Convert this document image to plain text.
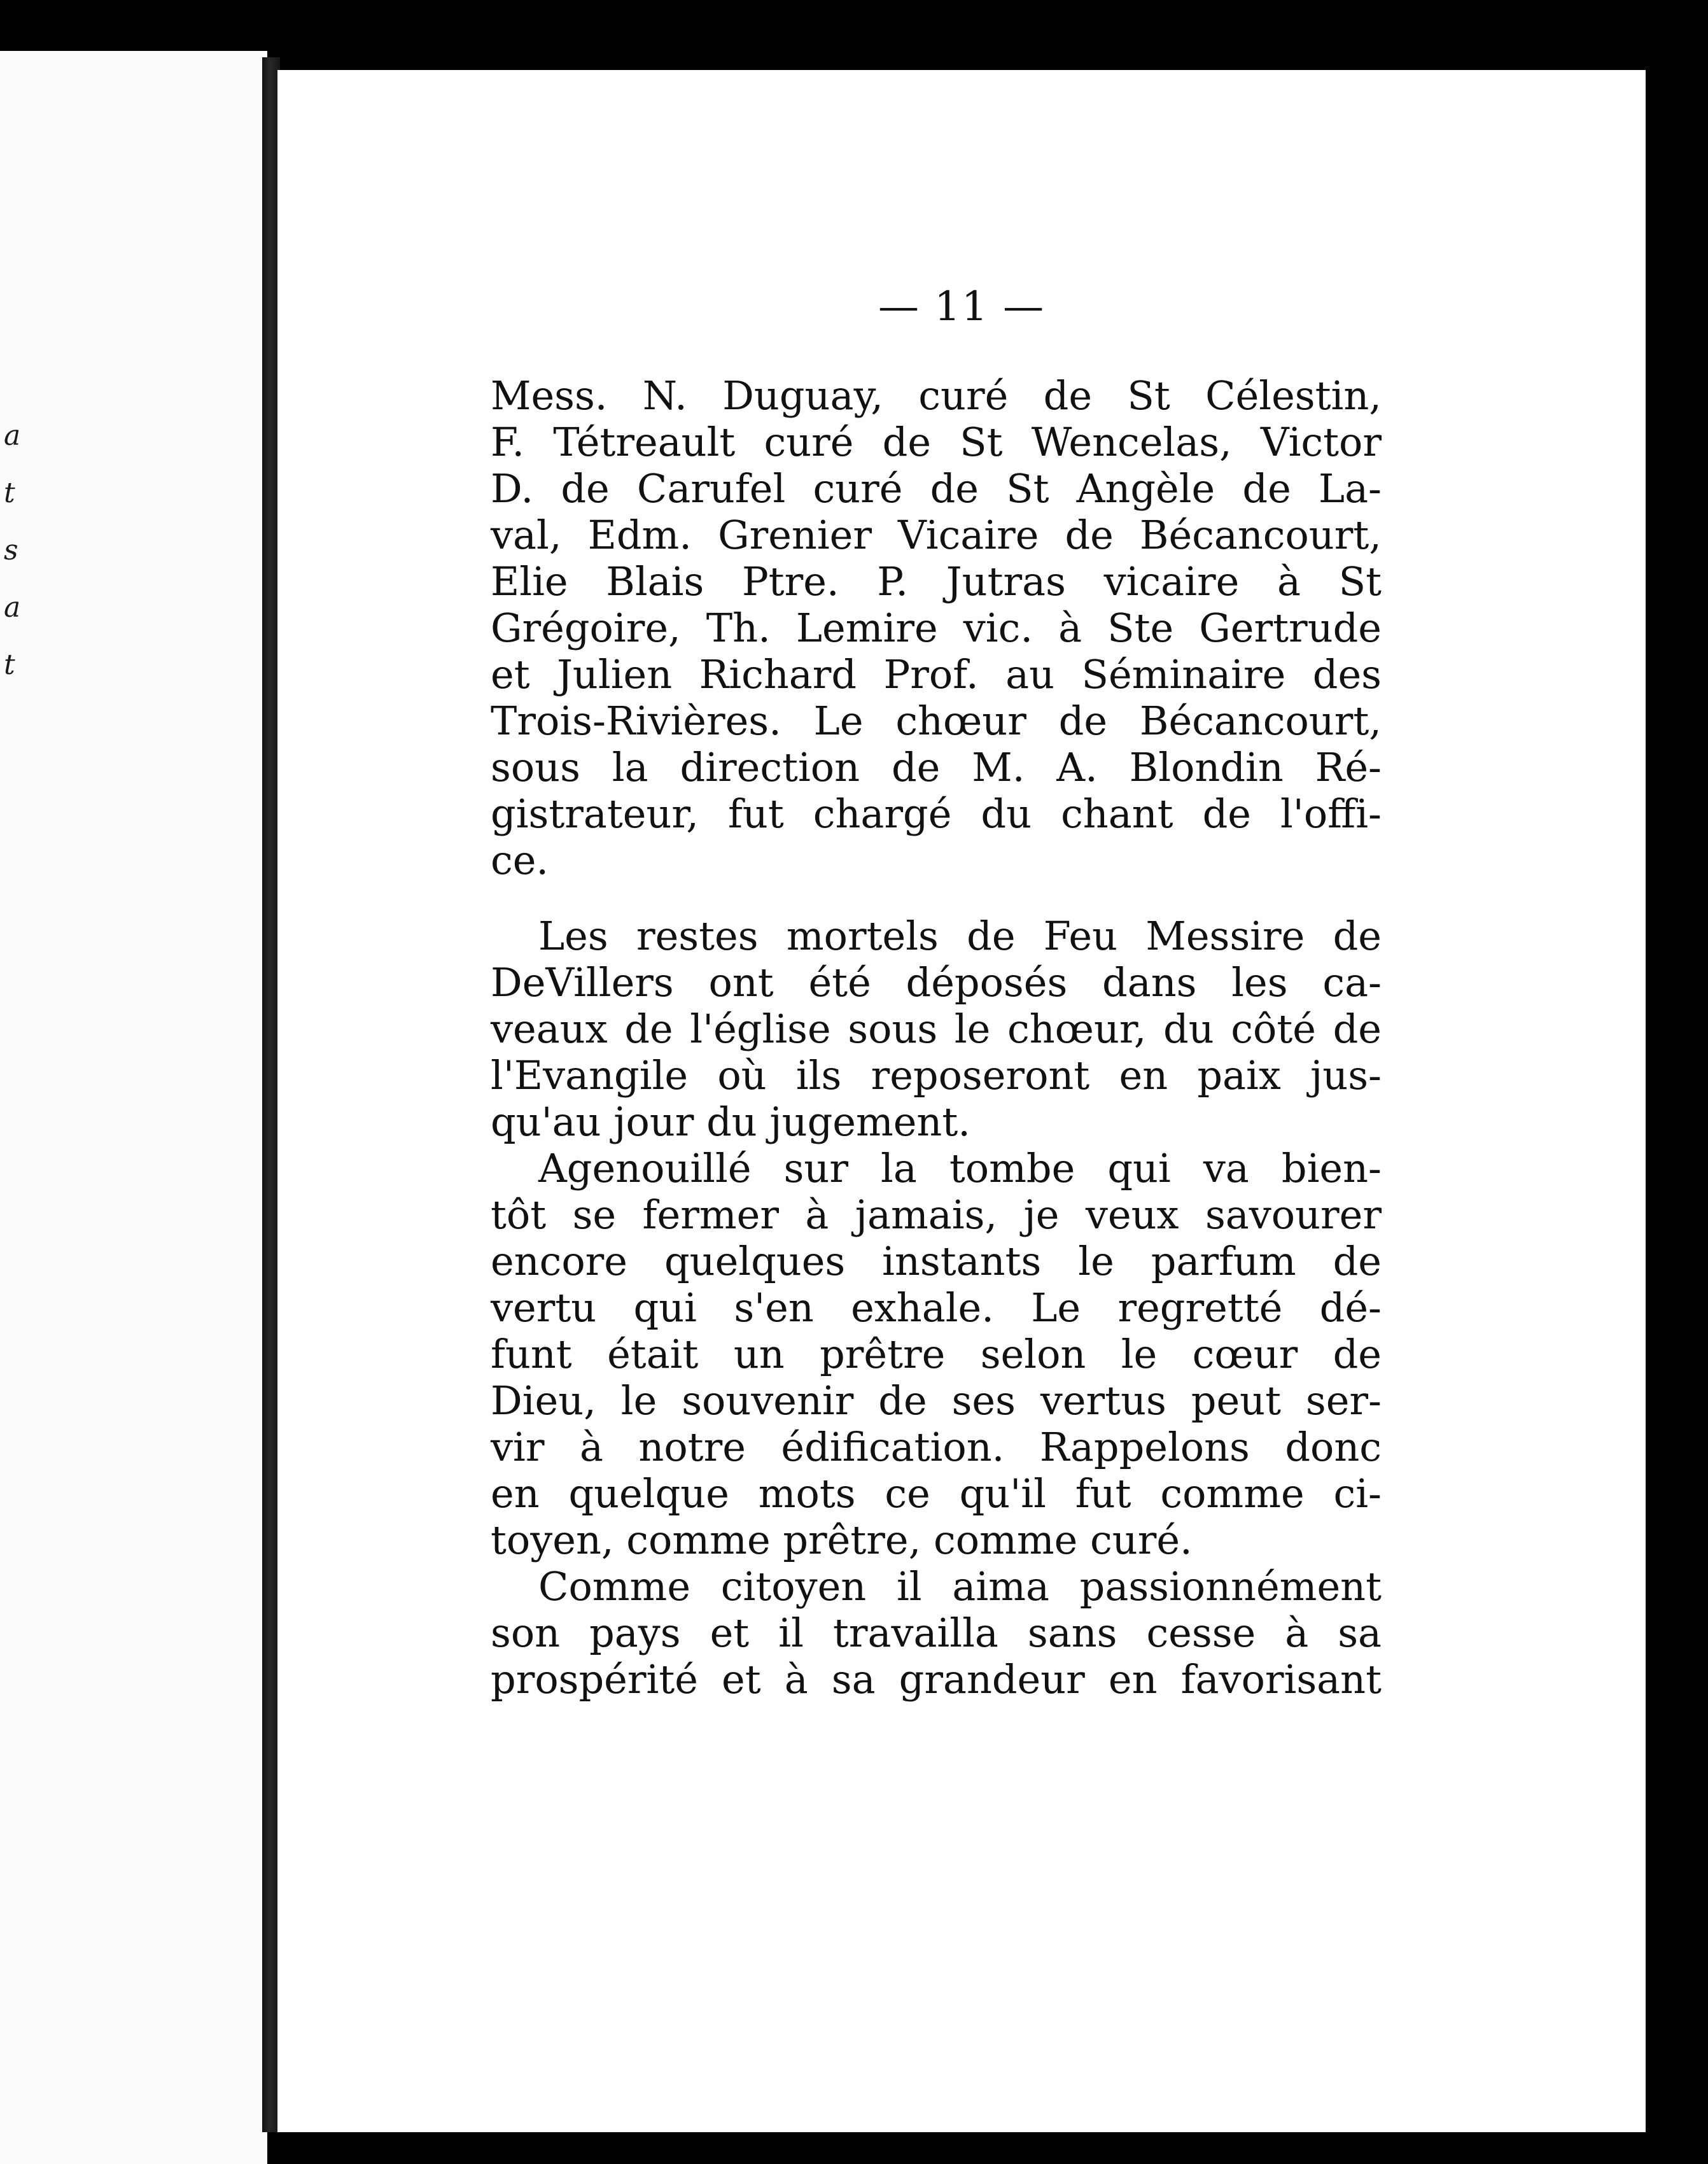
a
t
s
a
t
— 11 —
Mess. N. Duguay, curé de St Célestin,
F. Tétreault curé de St Wencelas, Victor
D. de Carufel curé de St Angèle de La-
val, Edm. Grenier Vicaire de Bécancourt,
Elie Blais Ptre. P. Jutras vicaire à St
Grégoire, Th. Lemire vic. à Ste Gertrude
et Julien Richard Prof. au Séminaire des
Trois-Rivières. Le chœur de Bécancourt,
sous la direction de M. A. Blondin Ré-
gistrateur, fut chargé du chant de l'offi-
ce.
Les restes mortels de Feu Messire de
DeVillers ont été déposés dans les ca-
veaux de l'église sous le chœur, du côté de
l'Evangile où ils reposeront en paix jus-
qu'au jour du jugement.
Agenouillé sur la tombe qui va bien-
tôt se fermer à jamais, je veux savourer
encore quelques instants le parfum de
vertu qui s'en exhale. Le regretté dé-
funt était un prêtre selon le cœur de
Dieu, le souvenir de ses vertus peut ser-
vir à notre édification. Rappelons donc
en quelque mots ce qu'il fut comme ci-
toyen, comme prêtre, comme curé.
Comme citoyen il aima passionnément
son pays et il travailla sans cesse à sa
prospérité et à sa grandeur en favorisant
